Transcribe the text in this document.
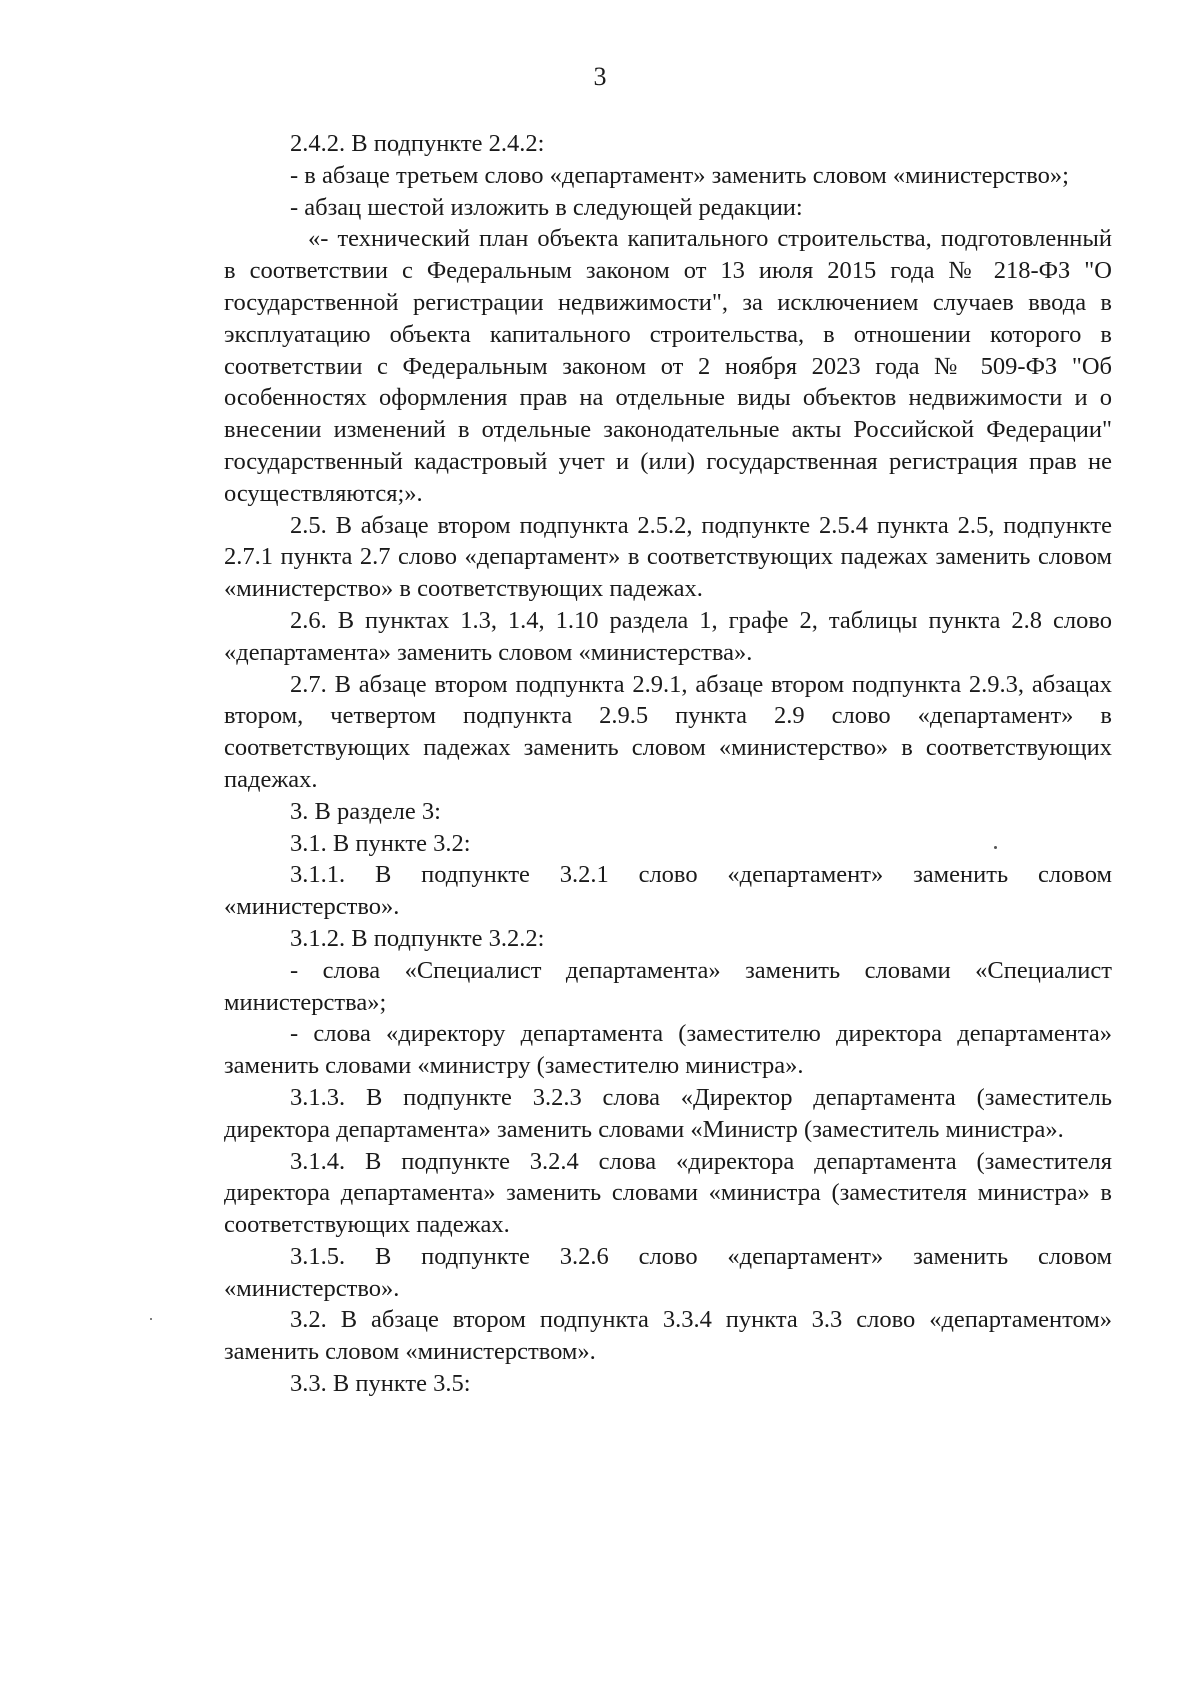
3

2.4.2. В подпункте 2.4.2:

- в абзаце третьем слово «департамент» заменить словом «министерство»;

- абзац шестой изложить в следующей редакции:

«- технический план объекта капитального строительства, подготовленный в соответствии с Федеральным законом от 13 июля 2015 года № 218-ФЗ "О государственной регистрации недвижимости", за исключением случаев ввода в эксплуатацию объекта капитального строительства, в отношении которого в соответствии с Федеральным законом от 2 ноября 2023 года № 509-ФЗ "Об особенностях оформления прав на отдельные виды объектов недвижимости и о внесении изменений в отдельные законодательные акты Российской Федерации" государственный кадастровый учет и (или) государственная регистрация прав не осуществляются;».

2.5. В абзаце втором подпункта 2.5.2, подпункте 2.5.4 пункта 2.5, подпункте 2.7.1 пункта 2.7 слово «департамент» в соответствующих падежах заменить словом «министерство» в соответствующих падежах.

2.6. В пунктах 1.3, 1.4, 1.10 раздела 1, графе 2, таблицы пункта 2.8 слово «департамента» заменить словом «министерства».

2.7. В абзаце втором подпункта 2.9.1, абзаце втором подпункта 2.9.3, абзацах втором, четвертом подпункта 2.9.5 пункта 2.9 слово «департамент» в соответствующих падежах заменить словом «министерство» в соответствующих падежах.

3. В разделе 3:

3.1. В пункте 3.2:

3.1.1. В подпункте 3.2.1 слово «департамент» заменить словом «министерство».

3.1.2. В подпункте 3.2.2:

- слова «Специалист департамента» заменить словами «Специалист министерства»;

- слова «директору департамента (заместителю директора департамента» заменить словами «министру (заместителю министра».

3.1.3. В подпункте 3.2.3 слова «Директор департамента (заместитель директора департамента» заменить словами «Министр (заместитель министра».

3.1.4. В подпункте 3.2.4 слова «директора департамента (заместителя директора департамента» заменить словами «министра (заместителя министра» в соответствующих падежах.

3.1.5. В подпункте 3.2.6 слово «департамент» заменить словом «министерство».

3.2. В абзаце втором подпункта 3.3.4 пункта 3.3 слово «департаментом» заменить словом «министерством».

3.3. В пункте 3.5:
